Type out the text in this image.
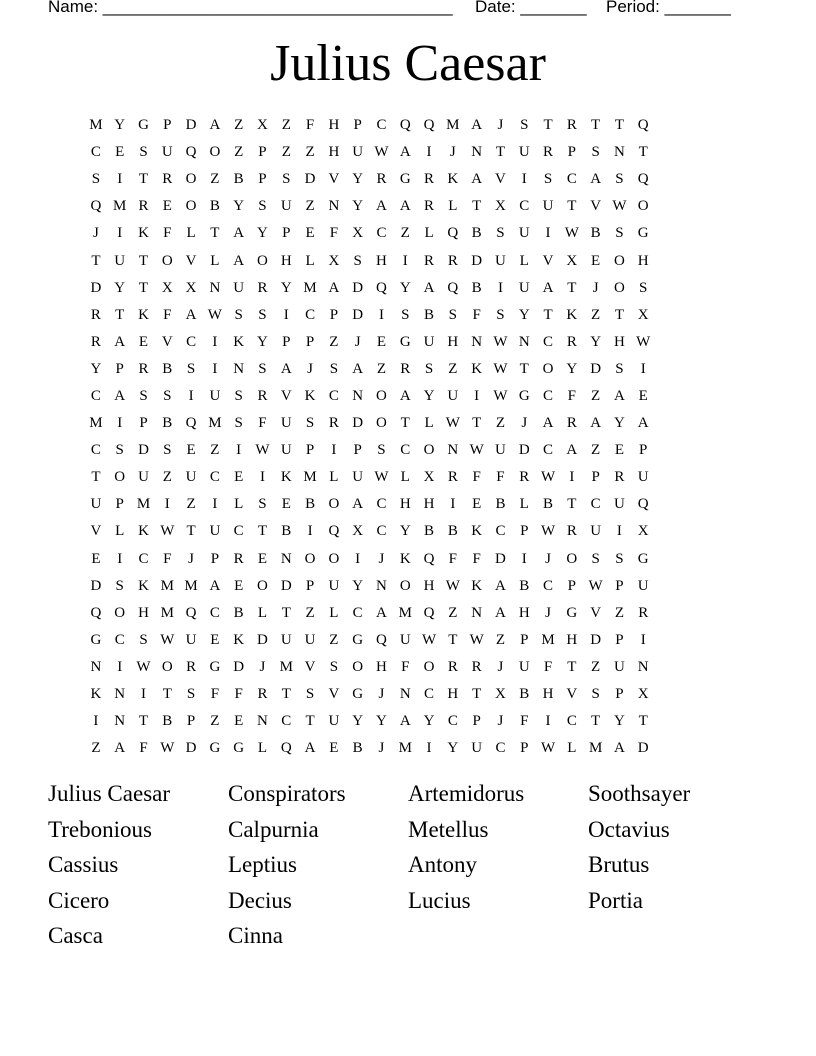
Name: _____________________________________ Date: _______ Period: _______
Julius Caesar
M Y G P D A Z X Z	F H P C Q Q M A	J	S	T R T T Q
C E	S U Q O Z	P	Z Z H U W A	I	J	N T U R P	S N T
S	I	T R O Z B P	S D V Y R G R K A V	I	S C A S Q
Q M R E O B Y S U Z N Y A A R L T X C U T V W O
J	I	K F	L T A Y P	E	F X C Z L Q B S U	I W B S G
T U T O V L A O H L X S H	I	R R D U L V X E O H
D Y T X X N U R Y M A D Q Y A Q B	I	U A T	J	O S
R T K F A W S	S	I	C P D	I	S B S	F	S Y T K Z T X
R A E V C	I	K Y P	P	Z	J	E G U H N W N C R Y H W
Y P R B S	I	N S A	J	S A Z R S	Z K W T O Y D S	I
C A S	S	I	U S R V K C N O A Y U	I W G C F	Z A E
M I	P B Q M S	F U S R D O T L W T Z	J	A R A Y A
C S D S	E Z	I W U P	I	P	S C O N W U D C A Z E	P
T O U Z U C E	I	K M L U W L X R F	F R W I	P R U
U P M I	Z	I	L	S	E B O A C H H	I	E B L B T C U Q
V L K W T U C T B	I	Q X C Y B B K C P W R U	I	X
E	I	C F	J	P R E N O O	I	J	K Q F	F D	I	J	O S	S G
D S K M M A E O D P U Y N O H W K A B C P W P U
Q O H M Q C B L T Z L C A M Q Z N A H	J	G V Z R
G C S W U E K D U U Z G Q U W T W Z	P M H D P	I
N	I W O R G D	J M V S O H F O R R	J	U F	T Z U N
K N	I	T	S	F	F R T	S V G	J	N C H T X B H V S	P X
I	N T B P	Z E N C T U Y Y A Y C P	J	F	I	C T Y T
Z A F W D G G L Q A E B	J M I	Y U C P W L M A D
Julius Caesar	Conspirators	Artemidorus	Soothsayer
Trebonious	Calpurnia	Metellus	Octavius
Cassius	Leptius	Antony	Brutus
Cicero	Decius	Lucius	Portia
Casca	Cinna
